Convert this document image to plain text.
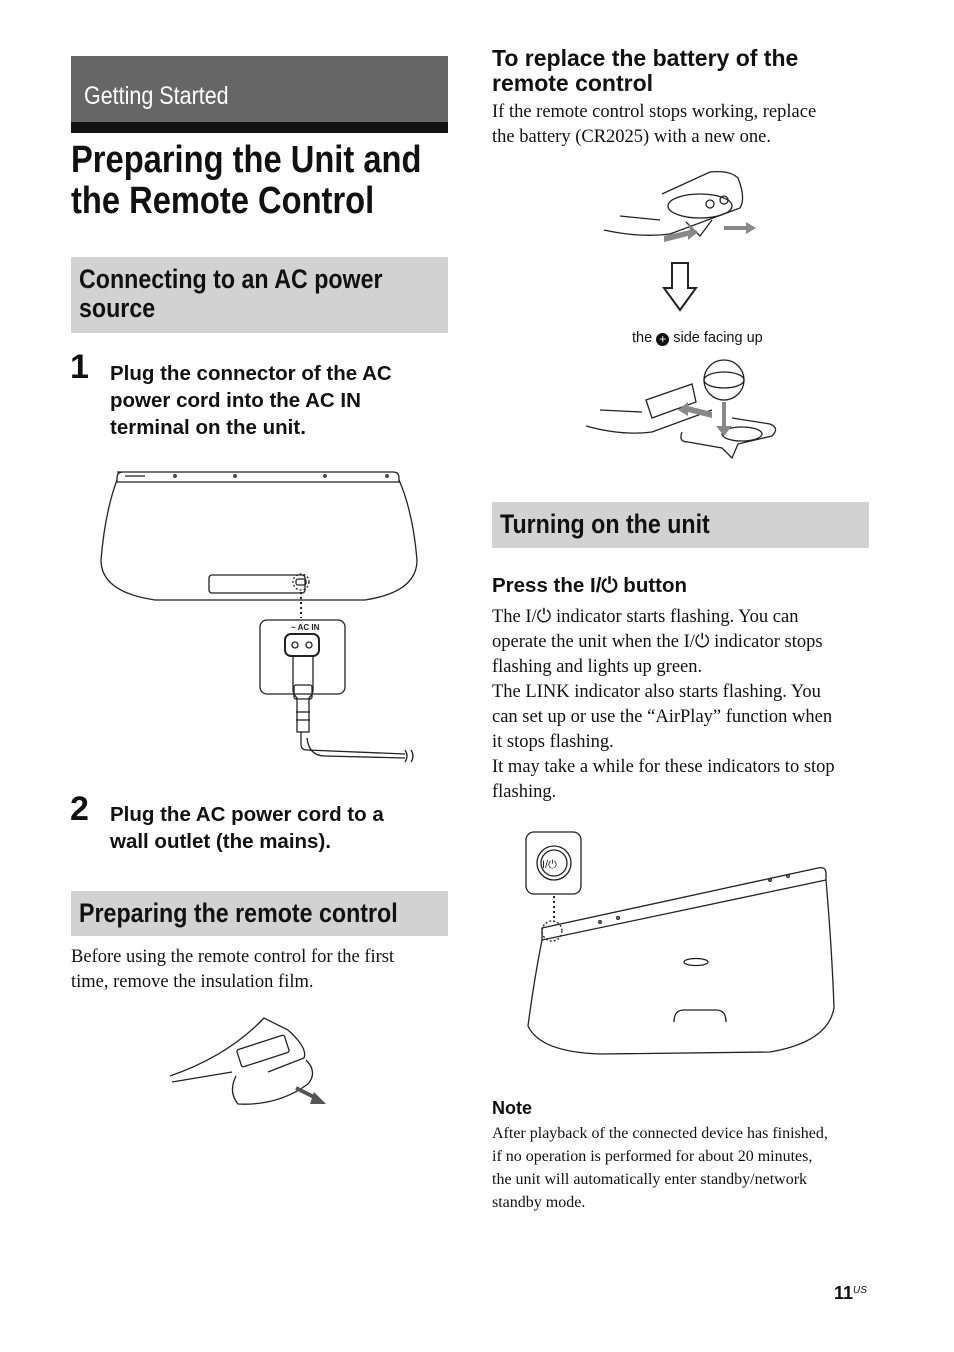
Getting Started
Preparing the Unit and
the Remote Control
Connecting to an AC power
source
1 Plug the connector of the AC
power cord into the AC IN
terminal on the unit.
~ AC IN
2 Plug the AC power cord to a
wall outlet (the mains).
Preparing the remote control
Before using the remote control for the first
time, remove the insulation film.
To replace the battery of the
remote control
If the remote control stops working, replace
the battery (CR2025) with a new one.
the + side facing up
Turning on the unit
Press the I/⏻ button
The I/⏻ indicator starts flashing. You can
operate the unit when the I/⏻ indicator stops
flashing and lights up green.
The LINK indicator also starts flashing. You
can set up or use the “AirPlay” function when
it stops flashing.
It may take a while for these indicators to stop
flashing.
I/⏻
Note
After playback of the connected device has finished,
if no operation is performed for about 20 minutes,
the unit will automatically enter standby/network
standby mode.
$11^{US}$
